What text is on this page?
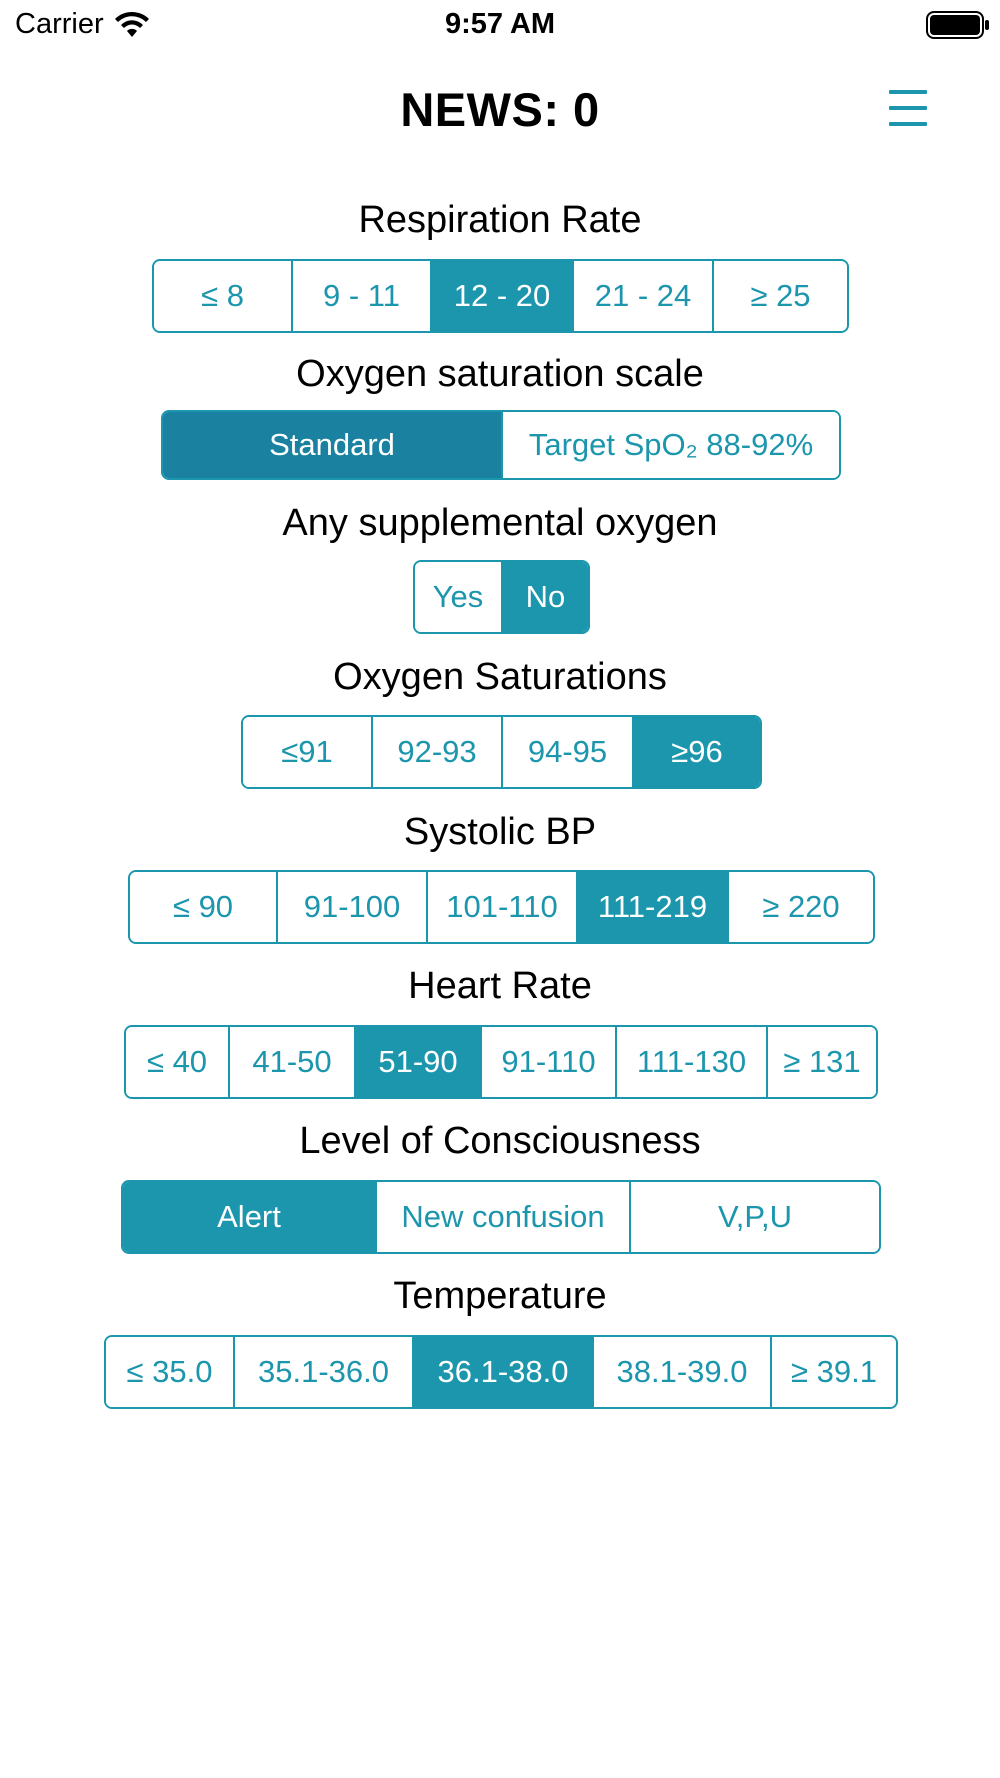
Carrier	9:57 AM
NEWS: 0
Respiration Rate
≤ 8	9 - 11	12 - 20	21 - 24	≥ 25
Oxygen saturation scale
Standard	Target SpO₂ 88-92%
Any supplemental oxygen
Yes	No
Oxygen Saturations
≤91	92-93	94-95	≥96
Systolic BP
≤ 90	91-100	101-110	111-219	≥ 220
Heart Rate
≤ 40	41-50	51-90	91-110	111-130	≥ 131
Level of Consciousness
Alert	New confusion	V,P,U
Temperature
≤ 35.0	35.1-36.0	36.1-38.0	38.1-39.0	≥ 39.1
